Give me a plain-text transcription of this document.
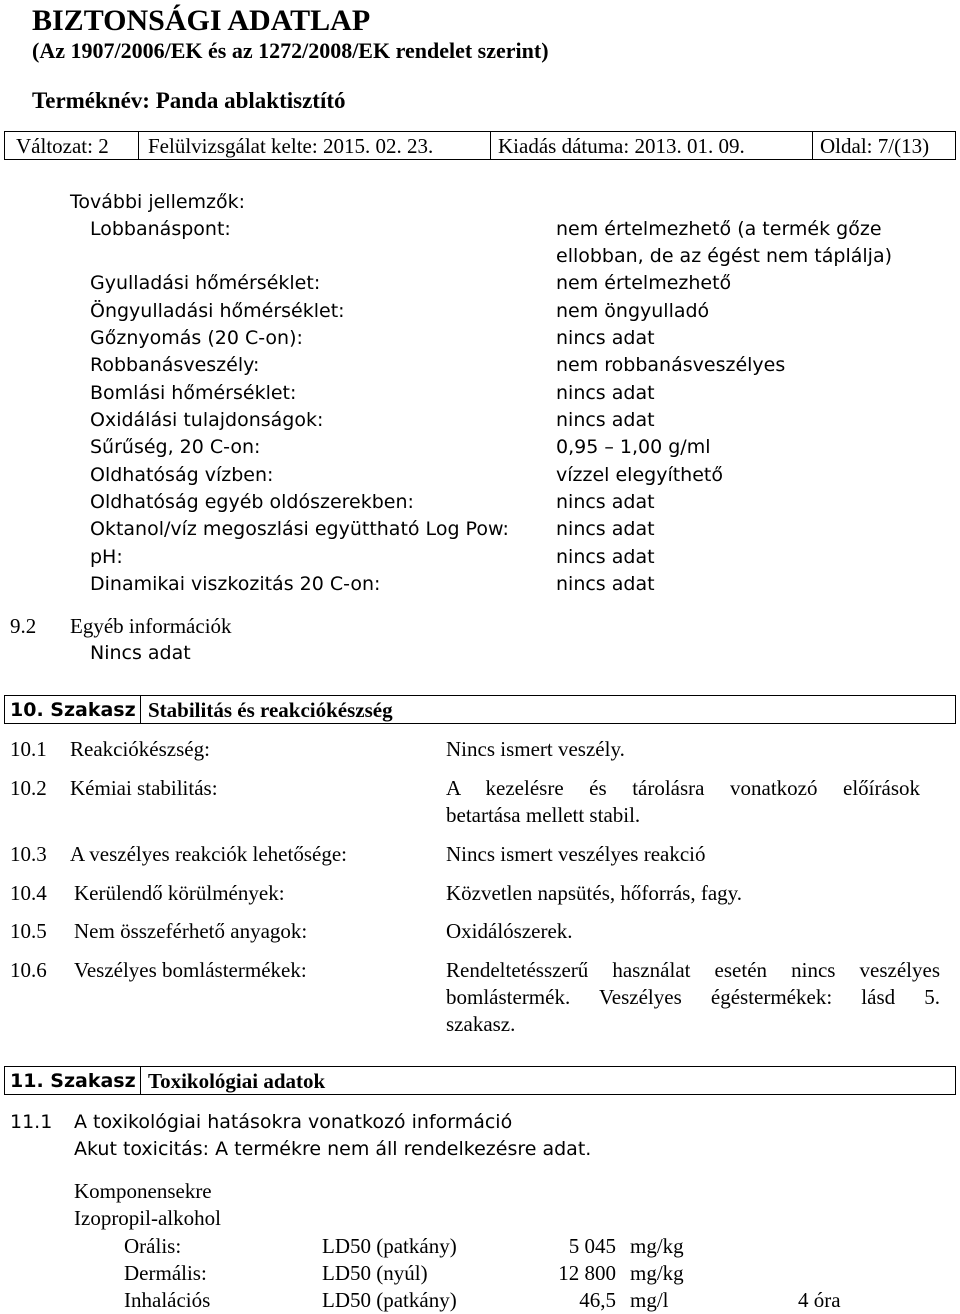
BIZTONSÁGI ADATLAP
(Az 1907/2006/EK és az 1272/2008/EK rendelet szerint)
Terméknév: Panda ablaktisztító
Változat: 2 Felülvizsgálat kelte: 2015. 02. 23.	Kiadás dátuma: 2013. 01. 09.	Oldal: 7/(13)
További jellemzők:
Lobbanáspont:	nem értelmezhető (a termék gőze
ellobban, de az égést nem táplálja)
Gyulladási hőmérséklet:	nem értelmezhető
Öngyulladási hőmérséklet:	nem öngyulladó
Gőznyomás (20 C-on):	nincs adat
Robbanásveszély:	nem robbanásveszélyes
Bomlási hőmérséklet:	nincs adat
Oxidálási tulajdonságok:	nincs adat
Sűrűség, 20 C-on:	0,95 – 1,00 g/ml
Oldhatóság vízben:	vízzel elegyíthető
Oldhatóság egyéb oldószerekben:	nincs adat
Oktanol/víz megoszlási együttható Log Pow: nincs adat
pH:	nincs adat
Dinamikai viszkozitás 20 C-on:	nincs adat
9.2 Egyéb információk
Nincs adat
10. Szakasz Stabilitás és reakciókészség
10.1 Reakciókészség:	Nincs ismert veszély.
10.2 Kémiai stabilitás:	A kezelésre és tárolásra vonatkozó előírások
betartása mellett stabil.
10.3 A veszélyes reakciók lehetősége:	Nincs ismert veszélyes reakció
10.4 Kerülendő körülmények:	Közvetlen napsütés, hőforrás, fagy.
10.5 Nem összeférhető anyagok:	Oxidálószerek.
10.6 Veszélyes bomlástermékek:	Rendeltetésszerű használat esetén nincs veszélyes
bomlástermék. Veszélyes égéstermékek: lásd 5.
szakasz.
11. Szakasz Toxikológiai adatok
11.1 A toxikológiai hatásokra vonatkozó információ
Akut toxicitás: A termékre nem áll rendelkezésre adat.
Komponensekre
Izopropil-alkohol
Orális:	LD50 (patkány)	5 045 mg/kg
Dermális:	LD50 (nyúl)	12 800 mg/kg
Inhalációs	LD50 (patkány)	46,5 mg/l	4 óra
